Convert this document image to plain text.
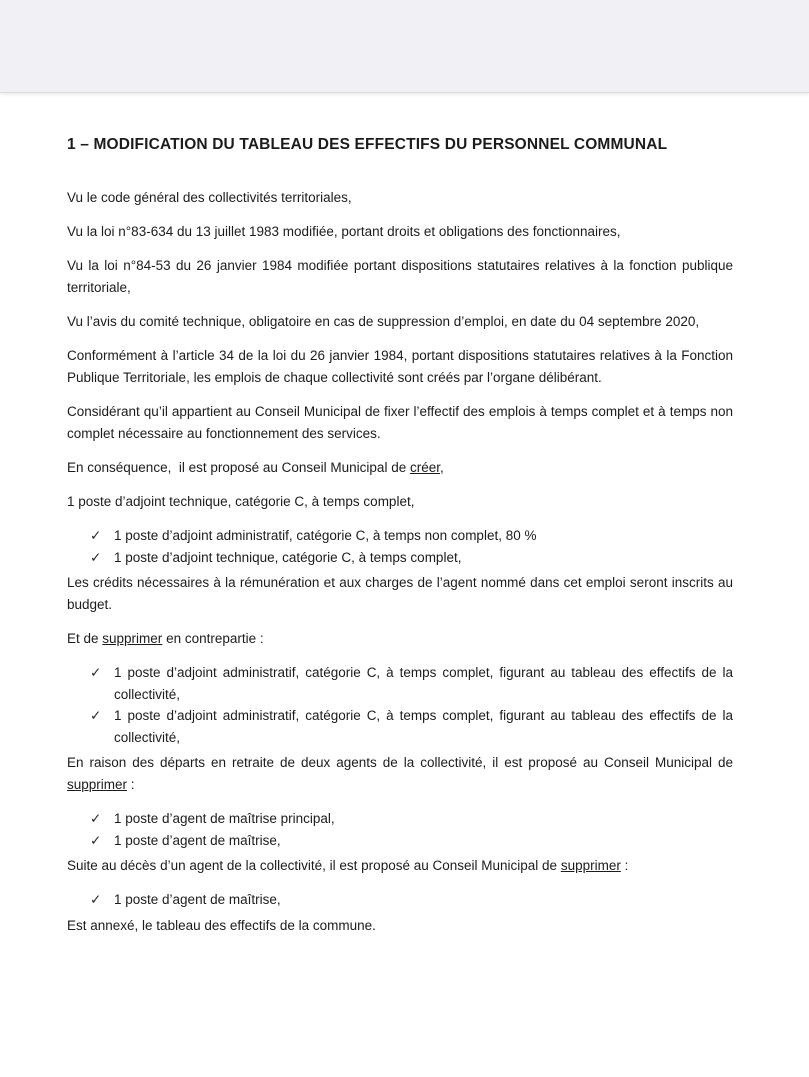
1 – MODIFICATION DU TABLEAU DES EFFECTIFS DU PERSONNEL COMMUNAL

Vu le code général des collectivités territoriales,

Vu la loi n°83-634 du 13 juillet 1983 modifiée, portant droits et obligations des fonctionnaires,

Vu la loi n°84-53 du 26 janvier 1984 modifiée portant dispositions statutaires relatives à la fonction publique territoriale,

Vu l’avis du comité technique, obligatoire en cas de suppression d’emploi, en date du 04 septembre 2020,

Conformément à l’article 34 de la loi du 26 janvier 1984, portant dispositions statutaires relatives à la Fonction Publique Territoriale, les emplois de chaque collectivité sont créés par l’organe délibérant.

Considérant qu’il appartient au Conseil Municipal de fixer l’effectif des emplois à temps complet et à temps non complet nécessaire au fonctionnement des services.

En conséquence,  il est proposé au Conseil Municipal de créer,

1 poste d’adjoint technique, catégorie C, à temps complet,

✓ 1 poste d’adjoint administratif, catégorie C, à temps non complet, 80 %
✓ 1 poste d’adjoint technique, catégorie C, à temps complet,

Les crédits nécessaires à la rémunération et aux charges de l’agent nommé dans cet emploi seront inscrits au budget.

Et de supprimer en contrepartie :

✓ 1 poste d’adjoint administratif, catégorie C, à temps complet, figurant au tableau des effectifs de la collectivité,
✓ 1 poste d’adjoint administratif, catégorie C, à temps complet, figurant au tableau des effectifs de la collectivité,

En raison des départs en retraite de deux agents de la collectivité, il est proposé au Conseil Municipal de supprimer :

✓ 1 poste d’agent de maîtrise principal,
✓ 1 poste d’agent de maîtrise,

Suite au décès d’un agent de la collectivité, il est proposé au Conseil Municipal de supprimer :

✓ 1 poste d’agent de maîtrise,

Est annexé, le tableau des effectifs de la commune.
